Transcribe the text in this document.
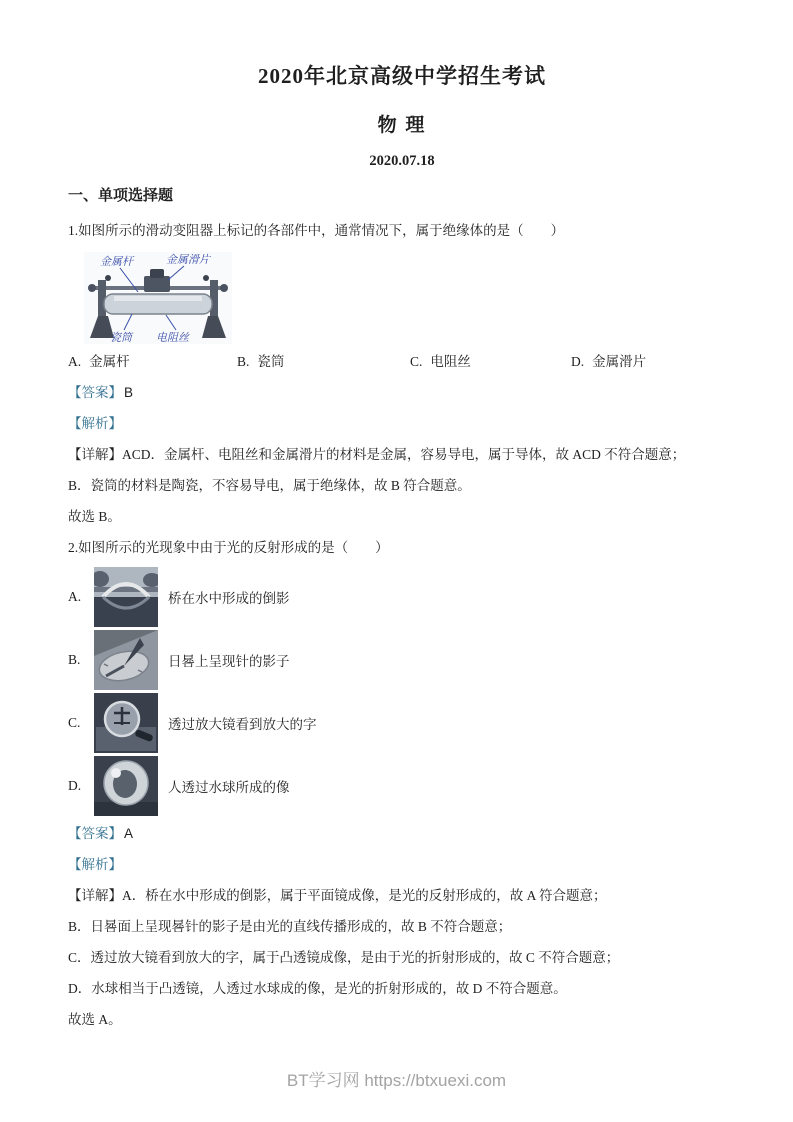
2020年北京高级中学招生考试
物 理
2020.07.18
一、单项选择题

1.如图所示的滑动变阻器上标记的各部件中，通常情况下，属于绝缘体的是（　　）

金属杆	金属滑片
瓷筒 电阻丝
A. 金属杆	B. 瓷筒	C. 电阻丝	D. 金属滑片

【答案】 B

【解析】

【详解】ACD．金属杆、电阻丝和金属滑片的材料是金属，容易导电，属于导体，故 ACD 不符合题意；

B．瓷筒的材料是陶瓷，不容易导电，属于绝缘体，故 B 符合题意。

故选 B。

2.如图所示的光现象中由于光的反射形成的是（　　）

A.	桥在水中形成的倒影
B.	日晷上呈现针的影子
C.	透过放大镜看到放大的字
D.	人透过水球所成的像

【答案】 A

【解析】

【详解】A．桥在水中形成的倒影，属于平面镜成像，是光的反射形成的，故 A 符合题意；

B．日晷面上呈现晷针的影子是由光的直线传播形成的，故 B 不符合题意；

C．透过放大镜看到放大的字，属于凸透镜成像，是由于光的折射形成的，故 C 不符合题意；

D．水球相当于凸透镜，人透过水球成的像，是光的折射形成的，故 D 不符合题意。

故选 A。

BT学习网 https://btxuexi.com
